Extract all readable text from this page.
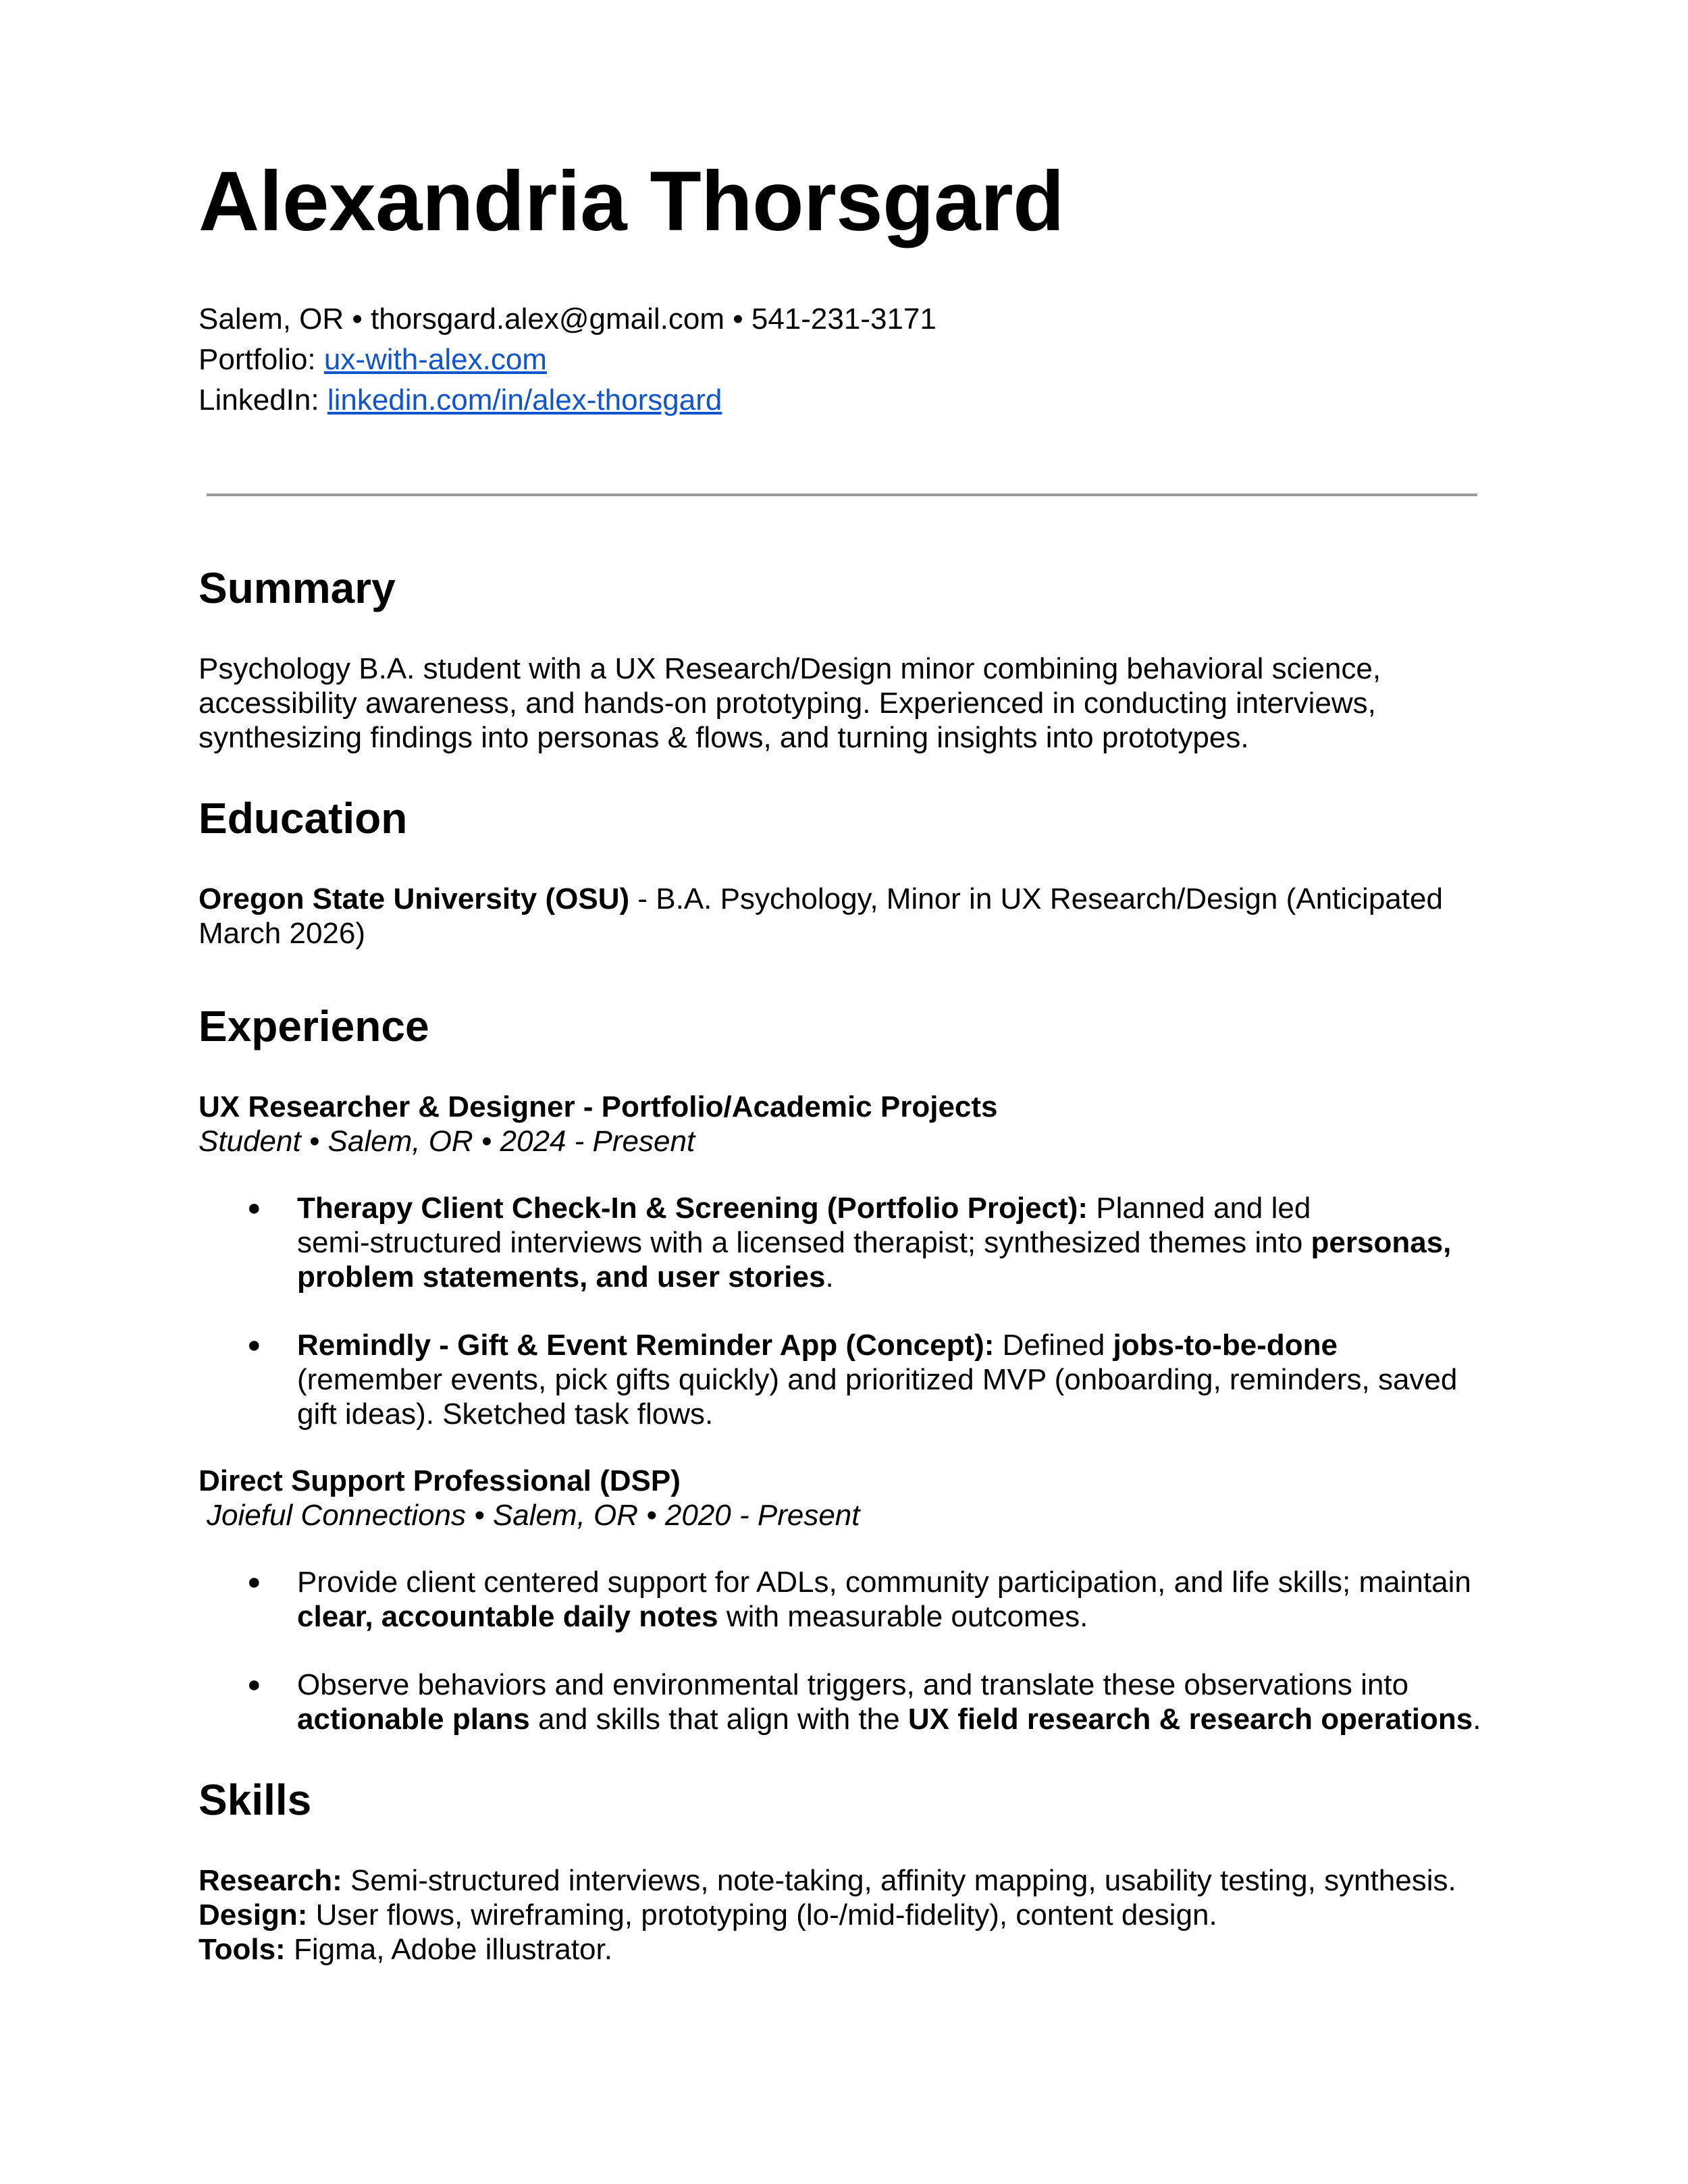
Alexandria Thorsgard
Salem, OR • thorsgard.alex@gmail.com • 541-231-3171
Portfolio: ux-with-alex.com
LinkedIn: linkedin.com/in/alex-thorsgard
Summary

Psychology B.A. student with a UX Research/Design minor combining behavioral science, accessibility awareness, and hands‑on prototyping. Experienced in conducting interviews, synthesizing findings into personas & flows, and turning insights into prototypes.

Education

Oregon State University (OSU) - B.A. Psychology, Minor in UX Research/Design (Anticipated March 2026)

Experience

UX Researcher & Designer - Portfolio/Academic Projects

Student • Salem, OR • 2024 - Present

● Therapy Client Check‑In & Screening (Portfolio Project): Planned and led semi‑structured interviews with a licensed therapist; synthesized themes into personas, problem statements, and user stories.
● Remindly - Gift & Event Reminder App (Concept): Defined jobs‑to‑be‑done (remember events, pick gifts quickly) and prioritized MVP (onboarding, reminders, saved gift ideas). Sketched task flows.

Direct Support Professional (DSP)

Joieful Connections • Salem, OR • 2020 - Present

● Provide client centered support for ADLs, community participation, and life skills; maintain clear, accountable daily notes with measurable outcomes.
● Observe behaviors and environmental triggers, and translate these observations into actionable plans and skills that align with the UX field research & research operations.
Skills

Research: Semi‑structured interviews, note‑taking, affinity mapping, usability testing, synthesis.

Design: User flows, wireframing, prototyping (lo‑/mid‑fidelity), content design.

Tools: Figma, Adobe illustrator.
